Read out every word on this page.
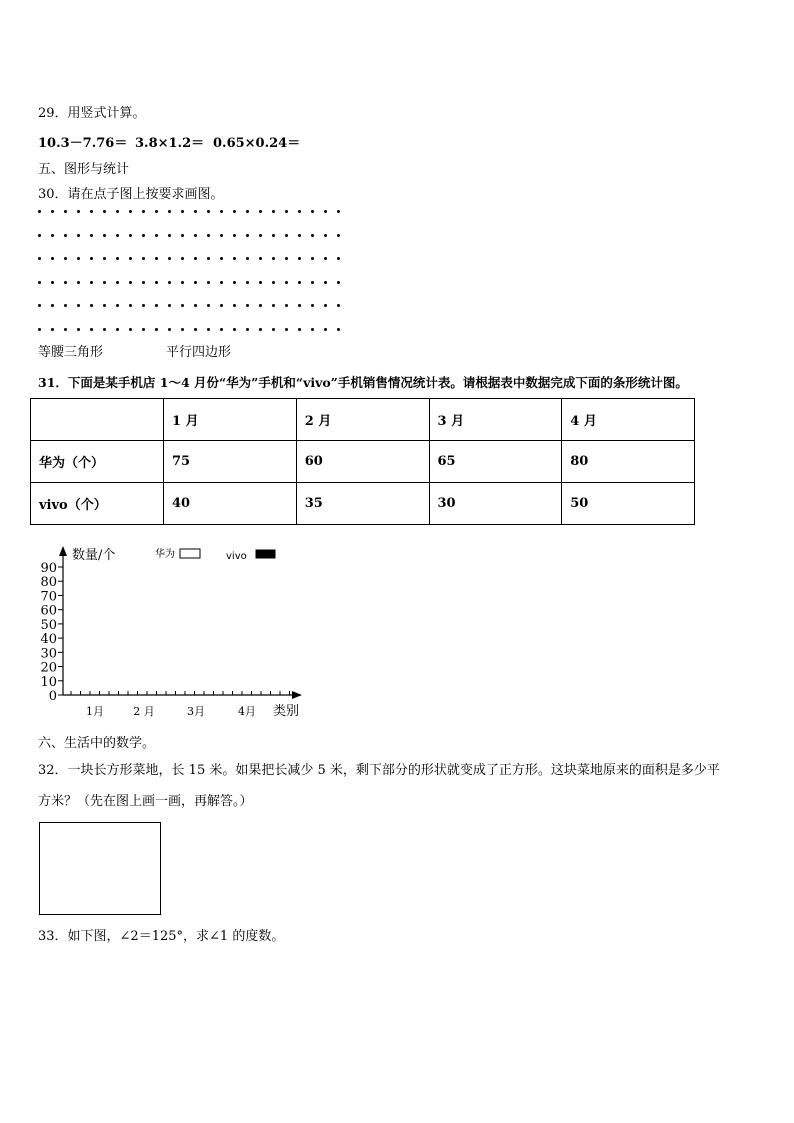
29．用竖式计算。
10.3－7.76＝ 3.8×1.2＝ 0.65×0.24＝
五、图形与统计
30．请在点子图上按要求画图。
等腰三角形	平行四边形
31．下面是某手机店 1～4 月份“华为”手机和“vivo”手机销售情况统计表。请根据表中数据完成下面的条形统计图。
	1 月	2 月	3 月	4 月
华为（个）	75	60	65	80
vivo（个）	40	35	30	50
数量/个
类别
0
10
20
30
40
50
60
70
80
90
1月	2 月	3月	4月
华为	vivo
六、生活中的数学。
32．一块长方形菜地，长 15 米。如果把长减少 5 米，剩下部分的形状就变成了正方形。这块菜地原来的面积是多少平
方米？（先在图上画一画，再解答。）
33．如下图，∠2＝125°，求∠1 的度数。
